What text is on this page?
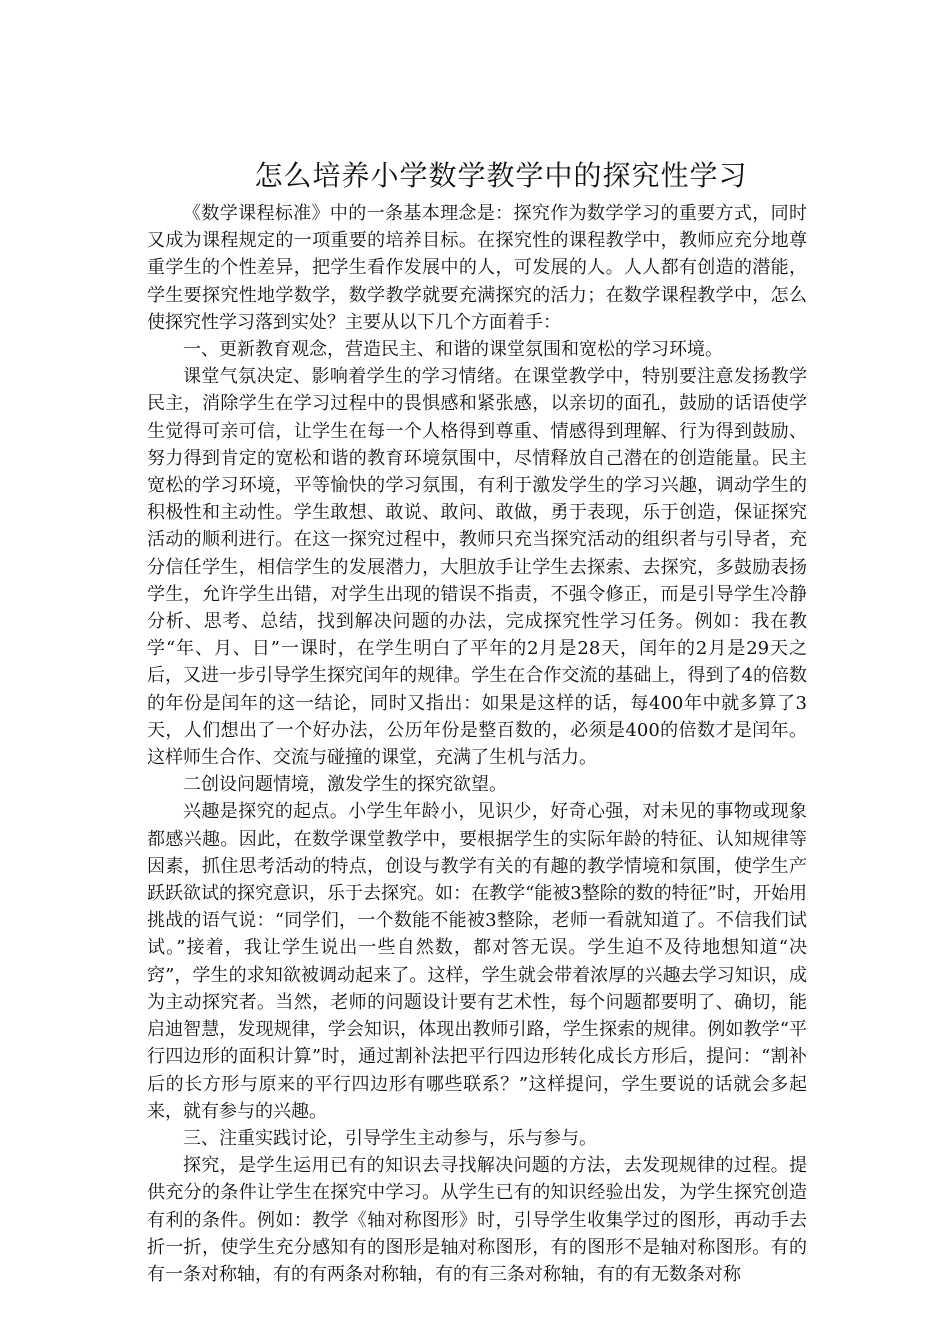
怎么培养小学数学教学中的探究性学习

《数学课程标准》中的一条基本理念是：探究作为数学学习的重要方式，同时又成为课程规定的一项重要的培养目标。在探究性的课程教学中，教师应充分地尊重学生的个性差异，把学生看作发展中的人，可发展的人。人人都有创造的潜能，学生要探究性地学数学，数学教学就要充满探究的活力；在数学课程教学中，怎么使探究性学习落到实处？主要从以下几个方面着手：

一、更新教育观念，营造民主、和谐的课堂氛围和宽松的学习环境。

课堂气氛决定、影响着学生的学习情绪。在课堂教学中，特别要注意发扬教学民主，消除学生在学习过程中的畏惧感和紧张感，以亲切的面孔，鼓励的话语使学生觉得可亲可信，让学生在每一个人格得到尊重、情感得到理解、行为得到鼓励、努力得到肯定的宽松和谐的教育环境氛围中，尽情释放自己潜在的创造能量。民主宽松的学习环境，平等愉快的学习氛围，有利于激发学生的学习兴趣，调动学生的积极性和主动性。学生敢想、敢说、敢问、敢做，勇于表现，乐于创造，保证探究活动的顺利进行。在这一探究过程中，教师只充当探究活动的组织者与引导者，充分信任学生，相信学生的发展潜力，大胆放手让学生去探索、去探究，多鼓励表扬学生，允许学生出错，对学生出现的错误不指责，不强令修正，而是引导学生冷静分析、思考、总结，找到解决问题的办法，完成探究性学习任务。例如：我在教学“年、月、日”一课时，在学生明白了平年的2月是28天，闰年的2月是29天之后，又进一步引导学生探究闰年的规律。学生在合作交流的基础上，得到了4的倍数的年份是闰年的这一结论，同时又指出：如果是这样的话，每400年中就多算了3天，人们想出了一个好办法，公历年份是整百数的，必须是400的倍数才是闰年。这样师生合作、交流与碰撞的课堂，充满了生机与活力。

二创设问题情境，激发学生的探究欲望。

兴趣是探究的起点。小学生年龄小，见识少，好奇心强，对未见的事物或现象都感兴趣。因此，在数学课堂教学中，要根据学生的实际年龄的特征、认知规律等因素，抓住思考活动的特点，创设与教学有关的有趣的教学情境和氛围，使学生产跃跃欲试的探究意识，乐于去探究。如：在教学“能被3整除的数的特征”时，开始用挑战的语气说：“同学们，一个数能不能被3整除，老师一看就知道了。不信我们试试。”接着，我让学生说出一些自然数，都对答无误。学生迫不及待地想知道“决窍”，学生的求知欲被调动起来了。这样，学生就会带着浓厚的兴趣去学习知识，成为主动探究者。当然，老师的问题设计要有艺术性，每个问题都要明了、确切，能启迪智慧，发现规律，学会知识，体现出教师引路，学生探索的规律。例如教学“平行四边形的面积计算”时，通过割补法把平行四边形转化成长方形后，提问：“割补后的长方形与原来的平行四边形有哪些联系？”这样提问，学生要说的话就会多起来，就有参与的兴趣。

三、注重实践讨论，引导学生主动参与，乐与参与。

探究，是学生运用已有的知识去寻找解决问题的方法，去发现规律的过程。提供充分的条件让学生在探究中学习。从学生已有的知识经验出发，为学生探究创造有利的条件。例如：教学《轴对称图形》时，引导学生收集学过的图形，再动手去折一折，使学生充分感知有的图形是轴对称图形，有的图形不是轴对称图形。有的有一条对称轴，有的有两条对称轴，有的有三条对称轴，有的有无数条对称
